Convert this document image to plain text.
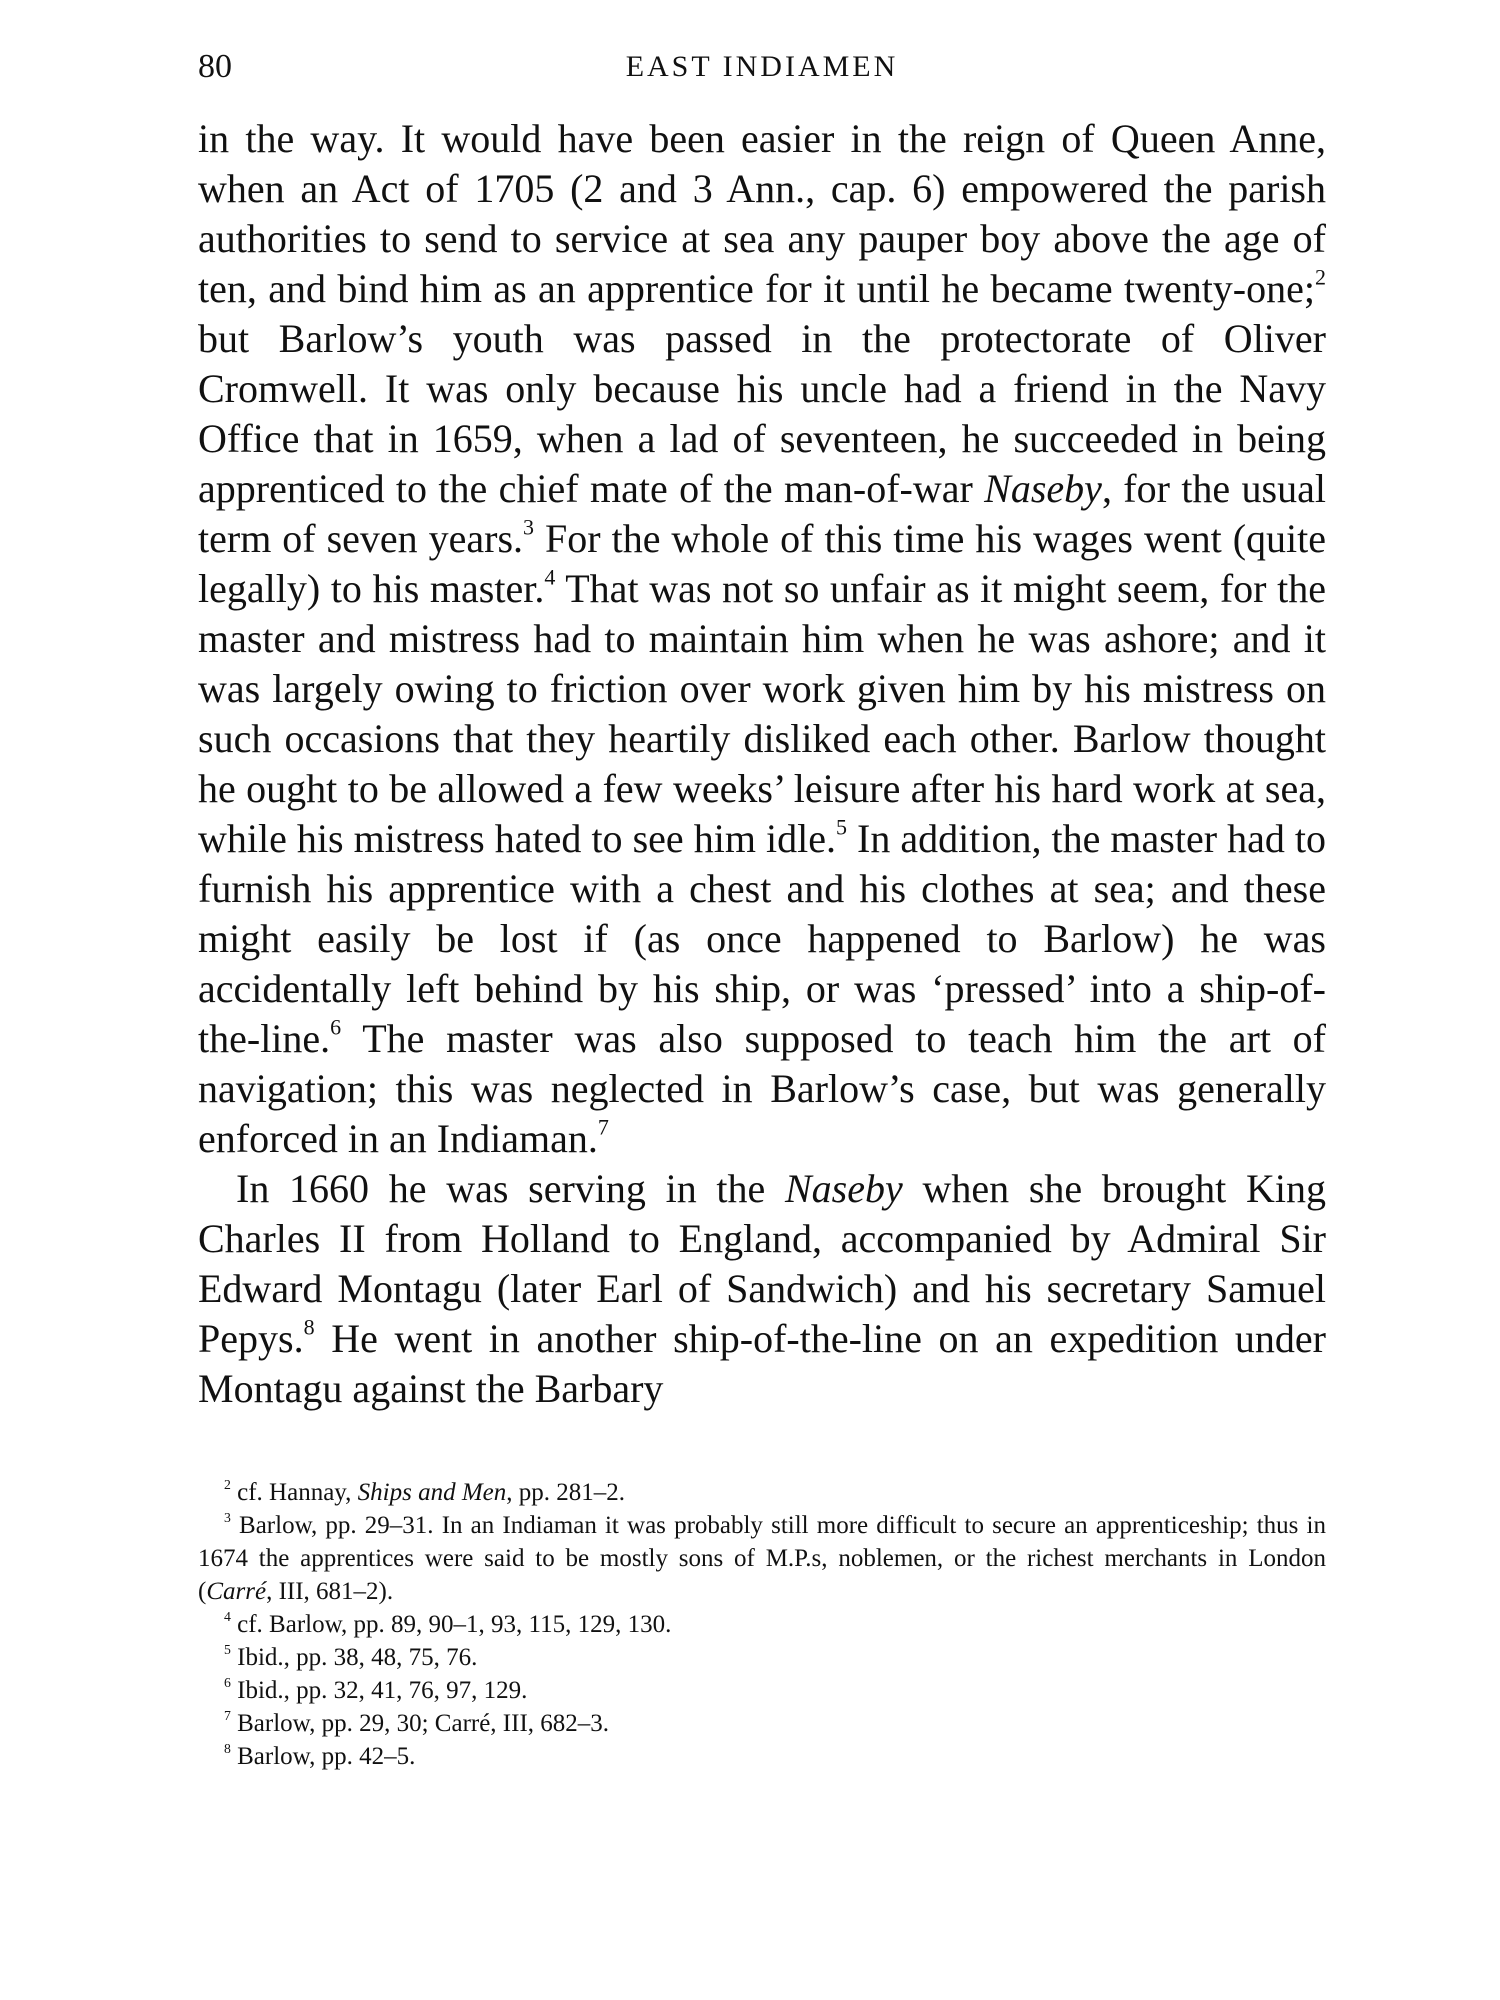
80	EAST INDIAMEN

in the way. It would have been easier in the reign of Queen Anne, when an Act of 1705 (2 and 3 Ann., cap. 6) empowered the parish authorities to send to service at sea any pauper boy above the age of ten, and bind him as an apprentice for it until he became twenty-one;$^2$ but Barlow’s youth was passed in the protectorate of Oliver Cromwell. It was only because his uncle had a friend in the Navy Office that in 1659, when a lad of seventeen, he succeeded in being apprenticed to the chief mate of the man-of-war Naseby, for the usual term of seven years.$^3$ For the whole of this time his wages went (quite legally) to his master.$^4$ That was not so unfair as it might seem, for the master and mistress had to maintain him when he was ashore; and it was largely owing to friction over work given him by his mistress on such occasions that they heartily disliked each other. Barlow thought he ought to be allowed a few weeks’ leisure after his hard work at sea, while his mistress hated to see him idle.$^5$ In addition, the master had to furnish his apprentice with a chest and his clothes at sea; and these might easily be lost if (as once happened to Barlow) he was accidentally left behind by his ship, or was ‘pressed’ into a ship-of-the-line.$^6$ The master was also supposed to teach him the art of navigation; this was neglected in Barlow’s case, but was generally enforced in an Indiaman.$^7$

In 1660 he was serving in the Naseby when she brought King Charles II from Holland to England, accompanied by Admiral Sir Edward Montagu (later Earl of Sandwich) and his secretary Samuel Pepys.$^8$ He went in another ship-of-the-line on an expedition under Montagu against the Barbary

$^2$ cf. Hannay, Ships and Men, pp. 281–2.

$^3$ Barlow, pp. 29–31. In an Indiaman it was probably still more difficult to secure an apprenticeship; thus in 1674 the apprentices were said to be mostly sons of M.P.s, noblemen, or the richest merchants in London (Carré, III, 681–2).

$^4$ cf. Barlow, pp. 89, 90–1, 93, 115, 129, 130.

$^5$ Ibid., pp. 38, 48, 75, 76.

$^6$ Ibid., pp. 32, 41, 76, 97, 129.

$^7$ Barlow, pp. 29, 30; Carré, III, 682–3.

$^8$ Barlow, pp. 42–5.
